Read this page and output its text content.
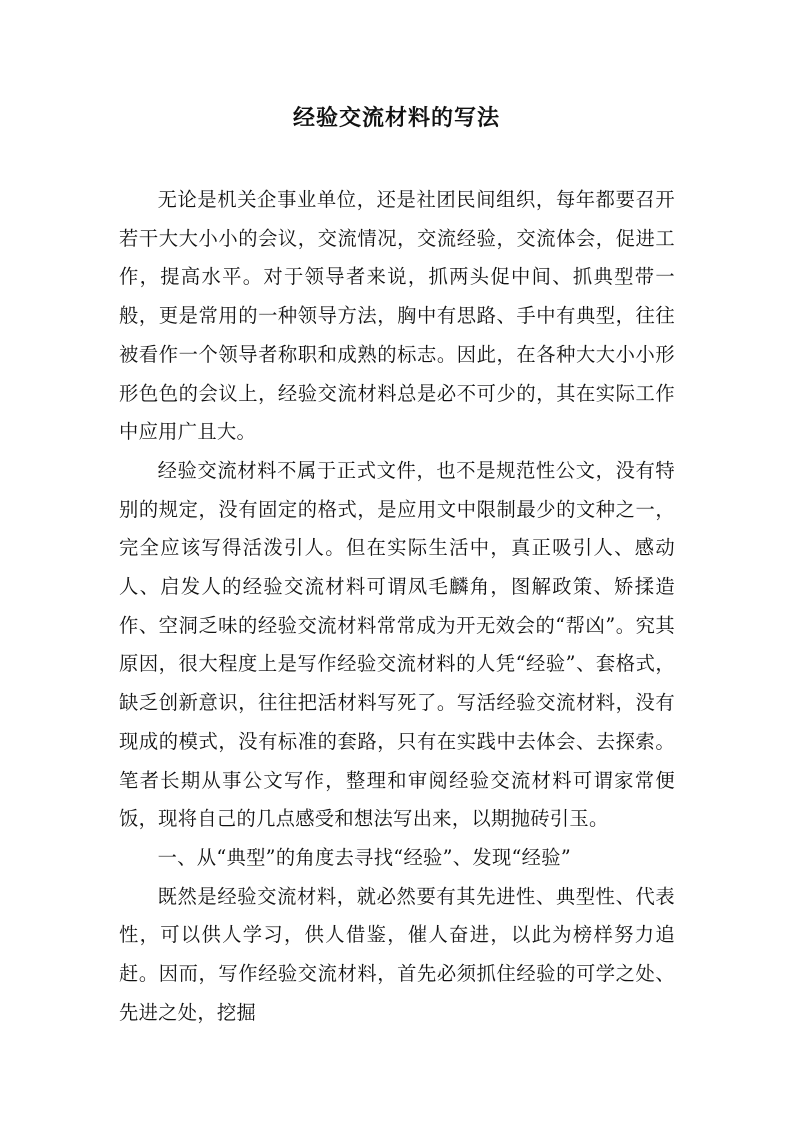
经验交流材料的写法

无论是机关企事业单位，还是社团民间组织，每年都要召开若干大大小小的会议，交流情况，交流经验，交流体会，促进工作，提高水平。对于领导者来说，抓两头促中间、抓典型带一般，更是常用的一种领导方法，胸中有思路、手中有典型，往往被看作一个领导者称职和成熟的标志。因此，在各种大大小小形形色色的会议上，经验交流材料总是必不可少的，其在实际工作中应用广且大。

经验交流材料不属于正式文件，也不是规范性公文，没有特别的规定，没有固定的格式，是应用文中限制最少的文种之一，完全应该写得活泼引人。但在实际生活中，真正吸引人、感动人、启发人的经验交流材料可谓凤毛麟角，图解政策、矫揉造作、空洞乏味的经验交流材料常常成为开无效会的“帮凶”。究其原因，很大程度上是写作经验交流材料的人凭“经验”、套格式，缺乏创新意识，往往把活材料写死了。写活经验交流材料，没有现成的模式，没有标准的套路，只有在实践中去体会、去探索。笔者长期从事公文写作，整理和审阅经验交流材料可谓家常便饭，现将自己的几点感受和想法写出来，以期抛砖引玉。

一、从“典型”的角度去寻找“经验”、发现“经验”

既然是经验交流材料，就必然要有其先进性、典型性、代表性，可以供人学习，供人借鉴，催人奋进，以此为榜样努力追赶。因而，写作经验交流材料，首先必须抓住经验的可学之处、先进之处，挖掘
